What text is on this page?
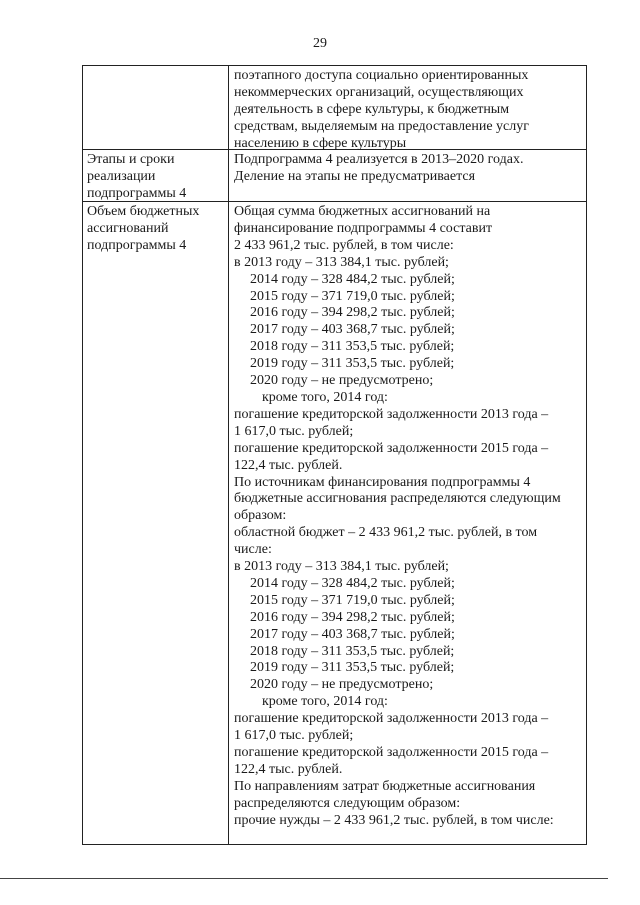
29
поэтапного доступа социально ориентированных
некоммерческих организаций, осуществляющих
деятельность в сфере культуры, к бюджетным
средствам, выделяемым на предоставление услуг
населению в сфере культуры
Этапы и сроки
реализации
подпрограммы 4
Подпрограмма 4 реализуется в 2013–2020 годах.
Деление на этапы не предусматривается
Объем бюджетных
ассигнований
подпрограммы 4
Общая сумма бюджетных ассигнований на
финансирование подпрограммы 4 составит
2 433 961,2 тыс. рублей, в том числе:
в 2013 году – 313 384,1 тыс. рублей;
2014 году – 328 484,2 тыс. рублей;
2015 году – 371 719,0 тыс. рублей;
2016 году – 394 298,2 тыс. рублей;
2017 году – 403 368,7 тыс. рублей;
2018 году – 311 353,5 тыс. рублей;
2019 году – 311 353,5 тыс. рублей;
2020 году – не предусмотрено;
кроме того, 2014 год:
погашение кредиторской задолженности 2013 года –
1 617,0 тыс. рублей;
погашение кредиторской задолженности 2015 года –
122,4 тыс. рублей.
По источникам финансирования подпрограммы 4
бюджетные ассигнования распределяются следующим
образом:
областной бюджет – 2 433 961,2 тыс. рублей, в том
числе:
в 2013 году – 313 384,1 тыс. рублей;
2014 году – 328 484,2 тыс. рублей;
2015 году – 371 719,0 тыс. рублей;
2016 году – 394 298,2 тыс. рублей;
2017 году – 403 368,7 тыс. рублей;
2018 году – 311 353,5 тыс. рублей;
2019 году – 311 353,5 тыс. рублей;
2020 году – не предусмотрено;
кроме того, 2014 год:
погашение кредиторской задолженности 2013 года –
1 617,0 тыс. рублей;
погашение кредиторской задолженности 2015 года –
122,4 тыс. рублей.
По направлениям затрат бюджетные ассигнования
распределяются следующим образом:
прочие нужды – 2 433 961,2 тыс. рублей, в том числе:
